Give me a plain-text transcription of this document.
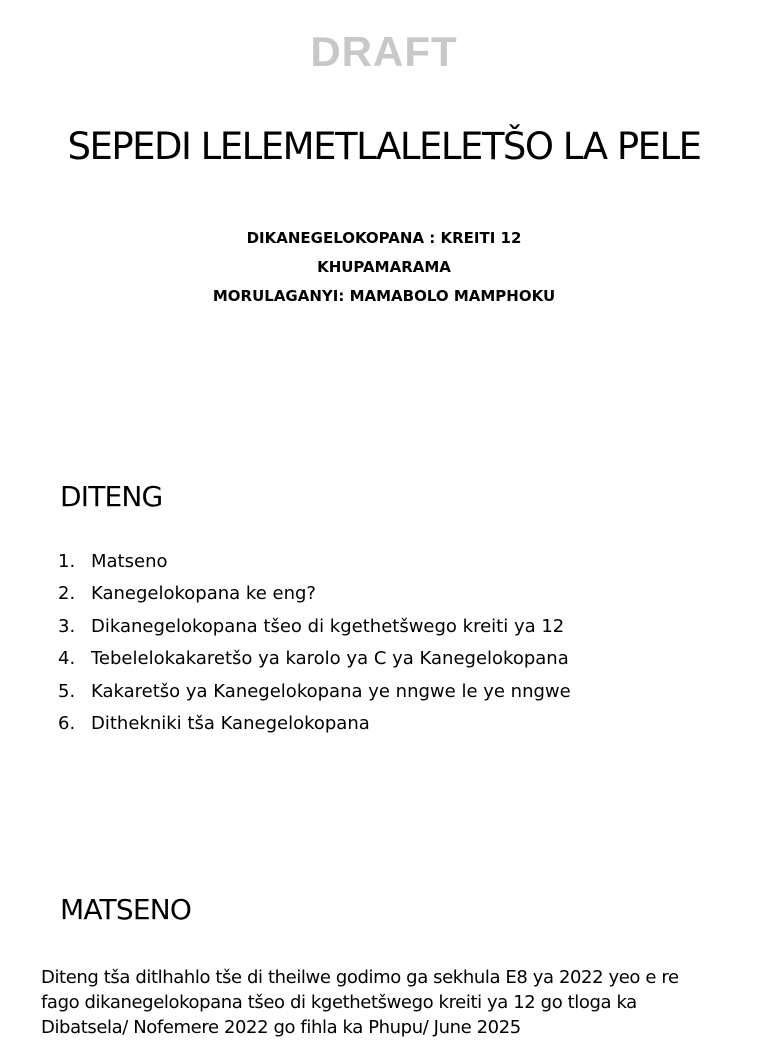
DRAFT
SEPEDI LELEMETLALELETŠO LA PELE
DIKANEGELOKOPANA : KREITI 12
KHUPAMARAMA
MORULAGANYI: MAMABOLO MAMPHOKU
DITENG
1. Matseno
2. Kanegelokopana ke eng?
3. Dikanegelokopana tšeo di kgethetšwego kreiti ya 12
4. Tebelelokakaretšo ya karolo ya C ya Kanegelokopana
5. Kakaretšo ya Kanegelokopana ye nngwe le ye nngwe
6. Dithekniki tša Kanegelokopana
MATSENO
Diteng tša ditlhahlo tše di theilwe godimo ga sekhula E8 ya 2022 yeo e re
fago dikanegelokopana tšeo di kgethetšwego kreiti ya 12 go tloga ka
Dibatsela/ Nofemere 2022 go fihla ka Phupu/ June 2025
